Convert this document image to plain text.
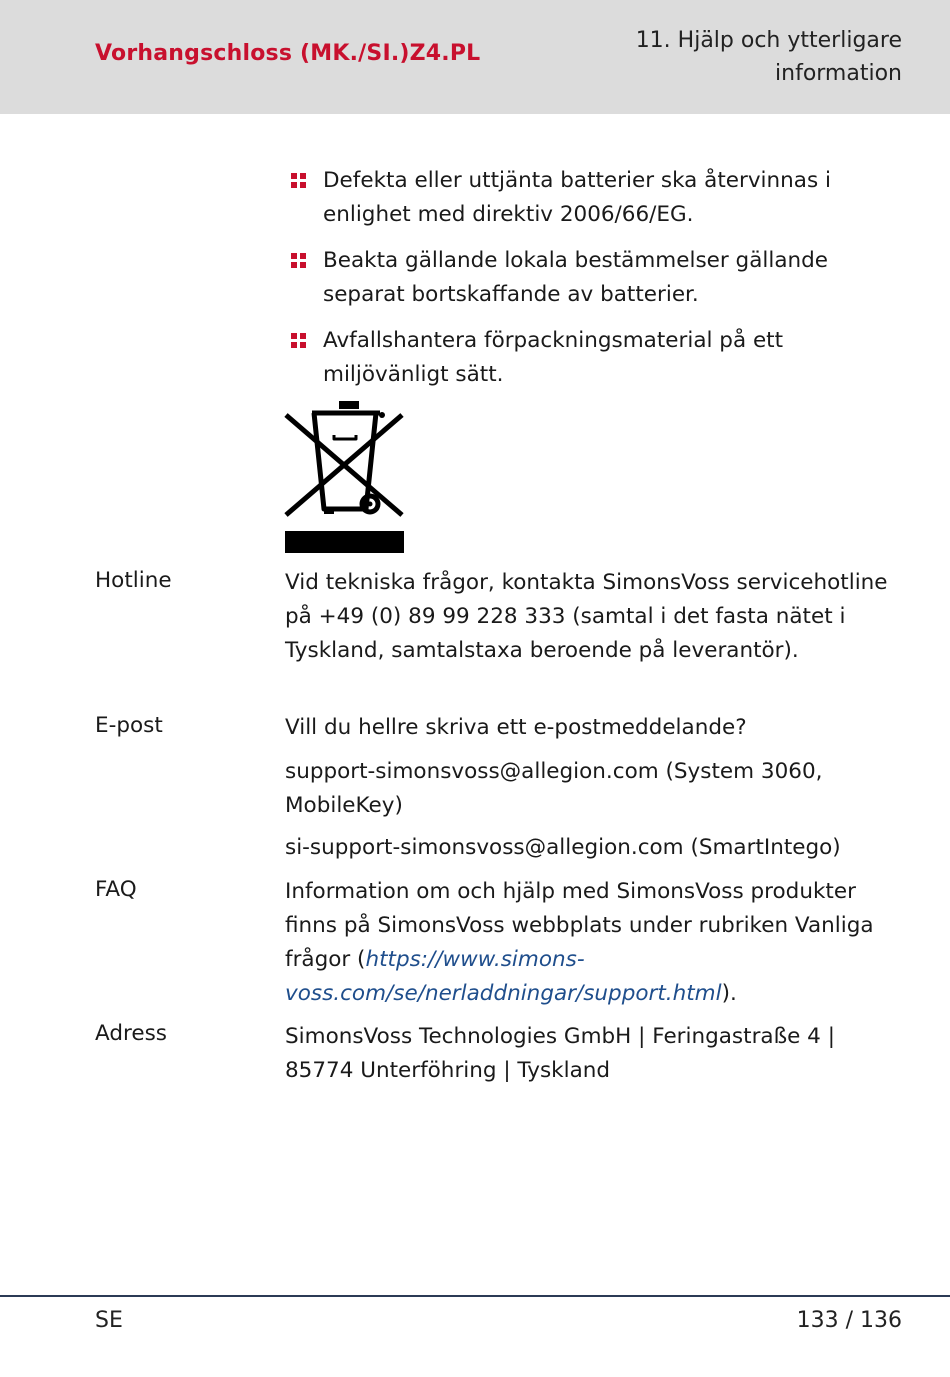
Vorhangschloss (MK./SI.)Z4.PL
11. Hjälp och ytterligare
information
Defekta eller uttjänta batterier ska återvinnas i enlighet med direktiv 2006/66/EG.
Beakta gällande lokala bestämmelser gällande separat bortskaffande av batterier.
Avfallshantera förpackningsmaterial på ett miljövänligt sätt.
Hotline	Vid tekniska frågor, kontakta SimonsVoss servicehotline på +49 (0) 89 99 228 333 (samtal i det fasta nätet i Tyskland, samtalstaxa beroende på leverantör).
E-post	Vill du hellre skriva ett e-postmeddelande?
support-simonsvoss@allegion.com (System 3060, MobileKey)
si-support-simonsvoss@allegion.com (SmartIntego)
FAQ	Information om och hjälp med SimonsVoss produkter finns på SimonsVoss webbplats under rubriken Vanliga frågor (https://www.simons-voss.com/se/nerladdningar/support.html).
Adress	SimonsVoss Technologies GmbH | Feringastraße 4 | 85774 Unterföhring | Tyskland
SE	133 / 136
